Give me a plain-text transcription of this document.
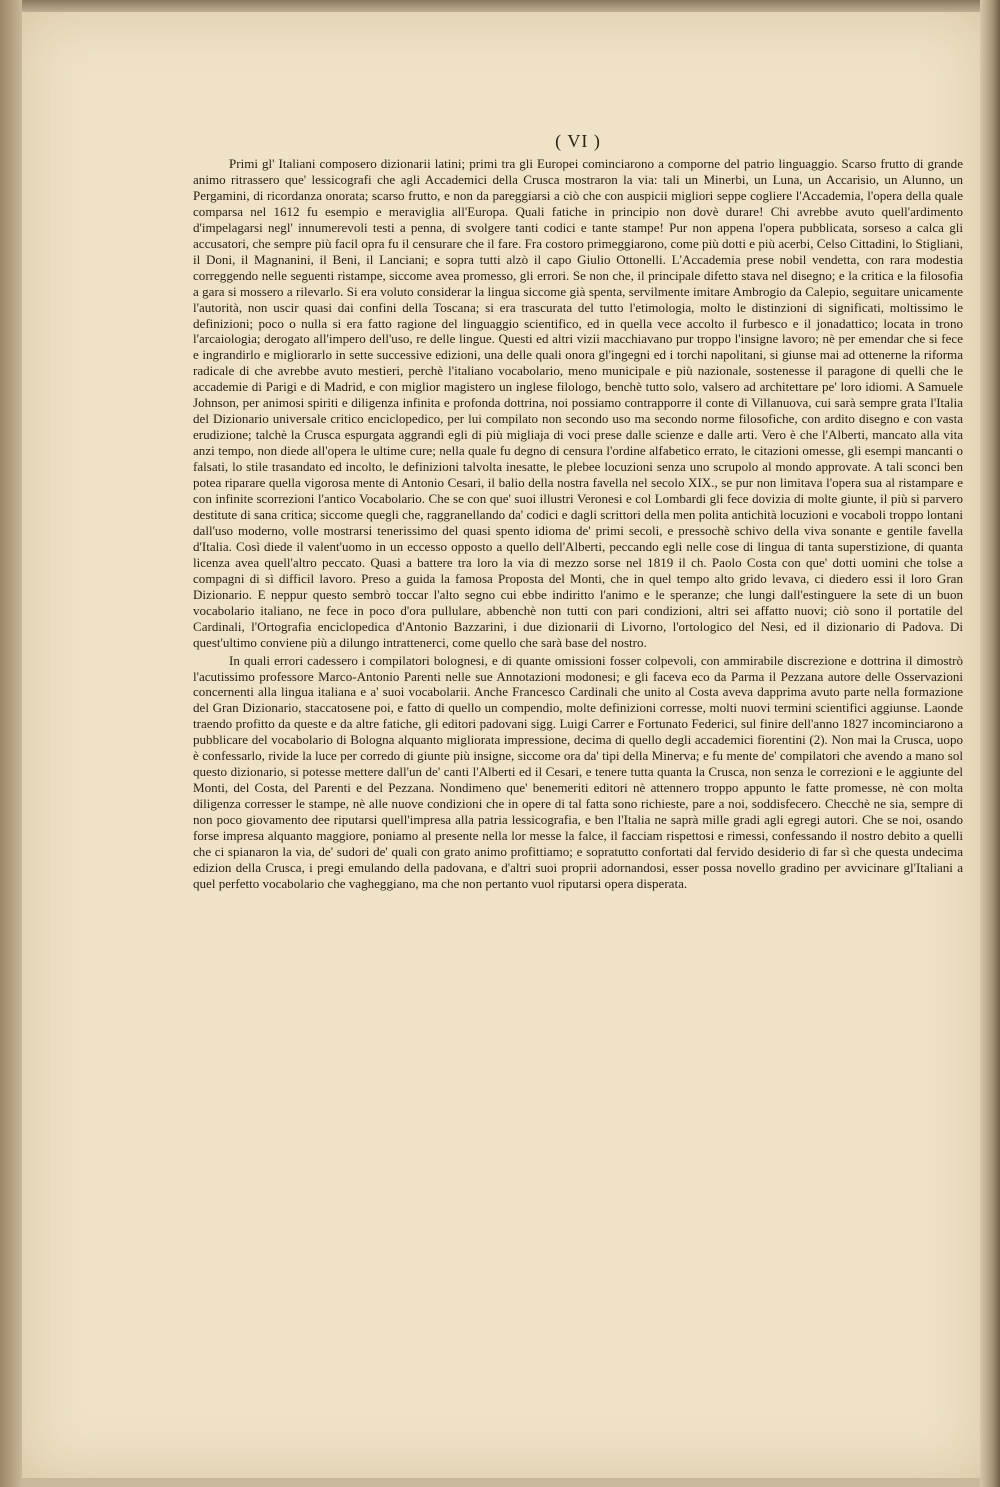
( VI )

Primi gl' Italiani composero dizionarii latini; primi tra gli Europei cominciarono a comporne del patrio linguaggio. Scarso frutto di grande animo ritrassero que' lessicografi che agli Accademici della Crusca mostraron la via: tali un Minerbi, un Luna, un Accarisio, un Alunno, un Pergamini, di ricordanza onorata; scarso frutto, e non da pareggiarsi a ciò che con auspicii migliori seppe cogliere l'Accademia, l'opera della quale comparsa nel 1612 fu esempio e meraviglia all'Europa. Quali fatiche in principio non dovè durare! Chi avrebbe avuto quell'ardimento d'impelagarsi negl' innumerevoli testi a penna, di svolgere tanti codici e tante stampe! Pur non appena l'opera pubblicata, sorsesо a calca gli accusatori, che sempre più facil opra fu il censurare che il fare. Fra costoro primeggiarono, come più dotti e più acerbi, Celso Cittadini, lo Stigliani, il Doni, il Magnanini, il Beni, il Lanciani; e sopra tutti alzò il capo Giulio Ottonelli. L'Accademia prese nobil vendetta, con rara modestia correggendo nelle seguenti ristampe, siccome avea promesso, gli errori. Se non che, il principale difetto stava nel disegno; e la critica e la filosofia a gara si mossero a rilevarlo. Si era voluto considerar la lingua siccome già spenta, servilmente imitare Ambrogio da Calepio, seguitare unicamente l'autorità, non uscir quasi dai confini della Toscana; si era trascurata del tutto l'etimologia, molto le distinzioni di significati, moltissimo le definizioni; poco o nulla si era fatto ragione del linguaggio scientifico, ed in quella vece accolto il furbesco e il jonadattico; locata in trono l'arcaiologia; derogato all'impero dell'uso, re delle lingue. Questi ed altri vizii macchiavano pur troppo l'insigne lavoro; nè per emendar che si fece e ingrandirlo e migliorarlo in sette successive edizioni, una delle quali onora gl'ingegni ed i torchi napolitani, si giunse mai ad ottenerne la riforma radicale di che avrebbe avuto mestieri, perchè l'italiano vocabolario, meno municipale e più nazionale, sostenesse il paragone di quelli che le accademie di Parigi e di Madrid, e con miglior magistero un inglese filologo, benchè tutto solo, valsero ad architettare pe' loro idiomi. A Samuele Johnson, per animosi spiriti e diligenza infinita e profonda dottrina, noi possiamo contrapporre il conte di Villanuova, cui sarà sempre grata l'Italia del Dizionario universale critico enciclopedico, per lui compilato non secondo uso ma secondo norme filosofiche, con ardito disegno e con vasta erudizione; talchè la Crusca espurgata aggrandì egli di più migliaja di voci prese dalle scienze e dalle arti. Vero è che l'Alberti, mancato alla vita anzi tempo, non diede all'opera le ultime cure; nella quale fu degno di censura l'ordine alfabetico errato, le citazioni omesse, gli esempi mancanti o falsati, lo stile trasandato ed incolto, le definizioni talvolta inesatte, le plebee locuzioni senza uno scrupolo al mondo approvate. A tali sconci ben potea riparare quella vigorosa mente di Antonio Cesari, il balio della nostra favella nel secolo XIX., se pur non limitava l'opera sua al ristampare e con infinite scorrezioni l'antico Vocabolario. Che se con que' suoi illustri Veronesi e col Lombardi gli fece dovizia di molte giunte, il più si parvero destitute di sana critica; siccome quegli che, raggranellando da' codici e dagli scrittori della men polita antichità locuzioni e vocaboli troppo lontani dall'uso moderno, volle mostrarsi tenerissimo del quasi spento idioma de' primi secoli, e pressochè schivo della viva sonante e gentile favella d'Italia. Così diede il valent'uomo in un eccesso opposto a quello dell'Alberti, peccando egli nelle cose di lingua di tanta superstizione, di quanta licenza avea quell'altro peccato. Quasi a battere tra loro la via di mezzo sorse nel 1819 il ch. Paolo Costa con que' dotti uomini che tolse a compagni di sì difficil lavoro. Preso a guida la famosa Proposta del Monti, che in quel tempo alto grido levava, ci diedero essi il loro Gran Dizionario. E neppur questo sembrò toccar l'alto segno cui ebbe indiritto l'animo e le speranze; che lungi dall'estinguere la sete di un buon vocabolario italiano, ne fece in poco d'ora pullulare, abbenchè non tutti con pari condizioni, altri sei affatto nuovi; ciò sono il portatile del Cardinali, l'Ortografia enciclopedica d'Antonio Bazzarini, i due dizionarii di Livorno, l'ortologico del Nesi, ed il dizionario di Padova. Di quest'ultimo conviene più a dilungo intrattenerci, come quello che sarà base del nostro.

In quali errori cadessero i compilatori bolognesi, e di quante omissioni fosser colpevoli, con ammirabile discrezione e dottrina il dimostrò l'acutissimo professore Marco-Antonio Parenti nelle sue Annotazioni modonesi; e gli faceva eco da Parma il Pezzana autore delle Osservazioni concernenti alla lingua italiana e a' suoi vocabolarii. Anche Francesco Cardinali che unito al Costa aveva dapprima avuto parte nella formazione del Gran Dizionario, staccatosene poi, e fatto di quello un compendio, molte definizioni corresse, molti nuovi termini scientifici aggiunse. Laonde traendo profitto da queste e da altre fatiche, gli editori padovani sigg. Luigi Carrer e Fortunato Federici, sul finire dell'anno 1827 incominciarono a pubblicare del vocabolario di Bologna alquanto migliorata impressione, decima di quello degli accademici fiorentini (2). Non mai la Crusca, uopo è confessarlo, rivide la luce per corredo di giunte più insigne, siccome ora da' tipi della Minerva; e fu mente de' compilatori che avendo a mano sol questo dizionario, si potesse mettere dall'un de' canti l'Alberti ed il Cesari, e tenere tutta quanta la Crusca, non senza le correzioni e le aggiunte del Monti, del Costa, del Parenti e del Pezzana. Nondimeno que' benemeriti editori nè attennero troppo appunto le fatte promesse, nè con molta diligenza corresser le stampe, nè alle nuove condizioni che in opere di tal fatta sono richieste, pare a noi, soddisfecero. Checchè ne sia, sempre di non poco giovamento dee riputarsi quell'impresa alla patria lessicografia, e ben l'Italia ne saprà mille gradi agli egregi autori. Che se noi, osando forse impresa alquanto maggiore, poniamo al presente nella lor messe la falce, il facciam rispettosi e rimessi, confessando il nostro debito a quelli che ci spianaron la via, de' sudori de' quali con grato animo profittiamo; e sopratutto confortati dal fervido desiderio di far sì che questa undecima edizion della Crusca, i pregi emulando della padovana, e d'altri suoi proprii adornandosi, esser possa novello gradino per avvicinare gl'Italiani a quel perfetto vocabolario che vagheggiano, ma che non pertanto vuol riputarsi opera disperata.
